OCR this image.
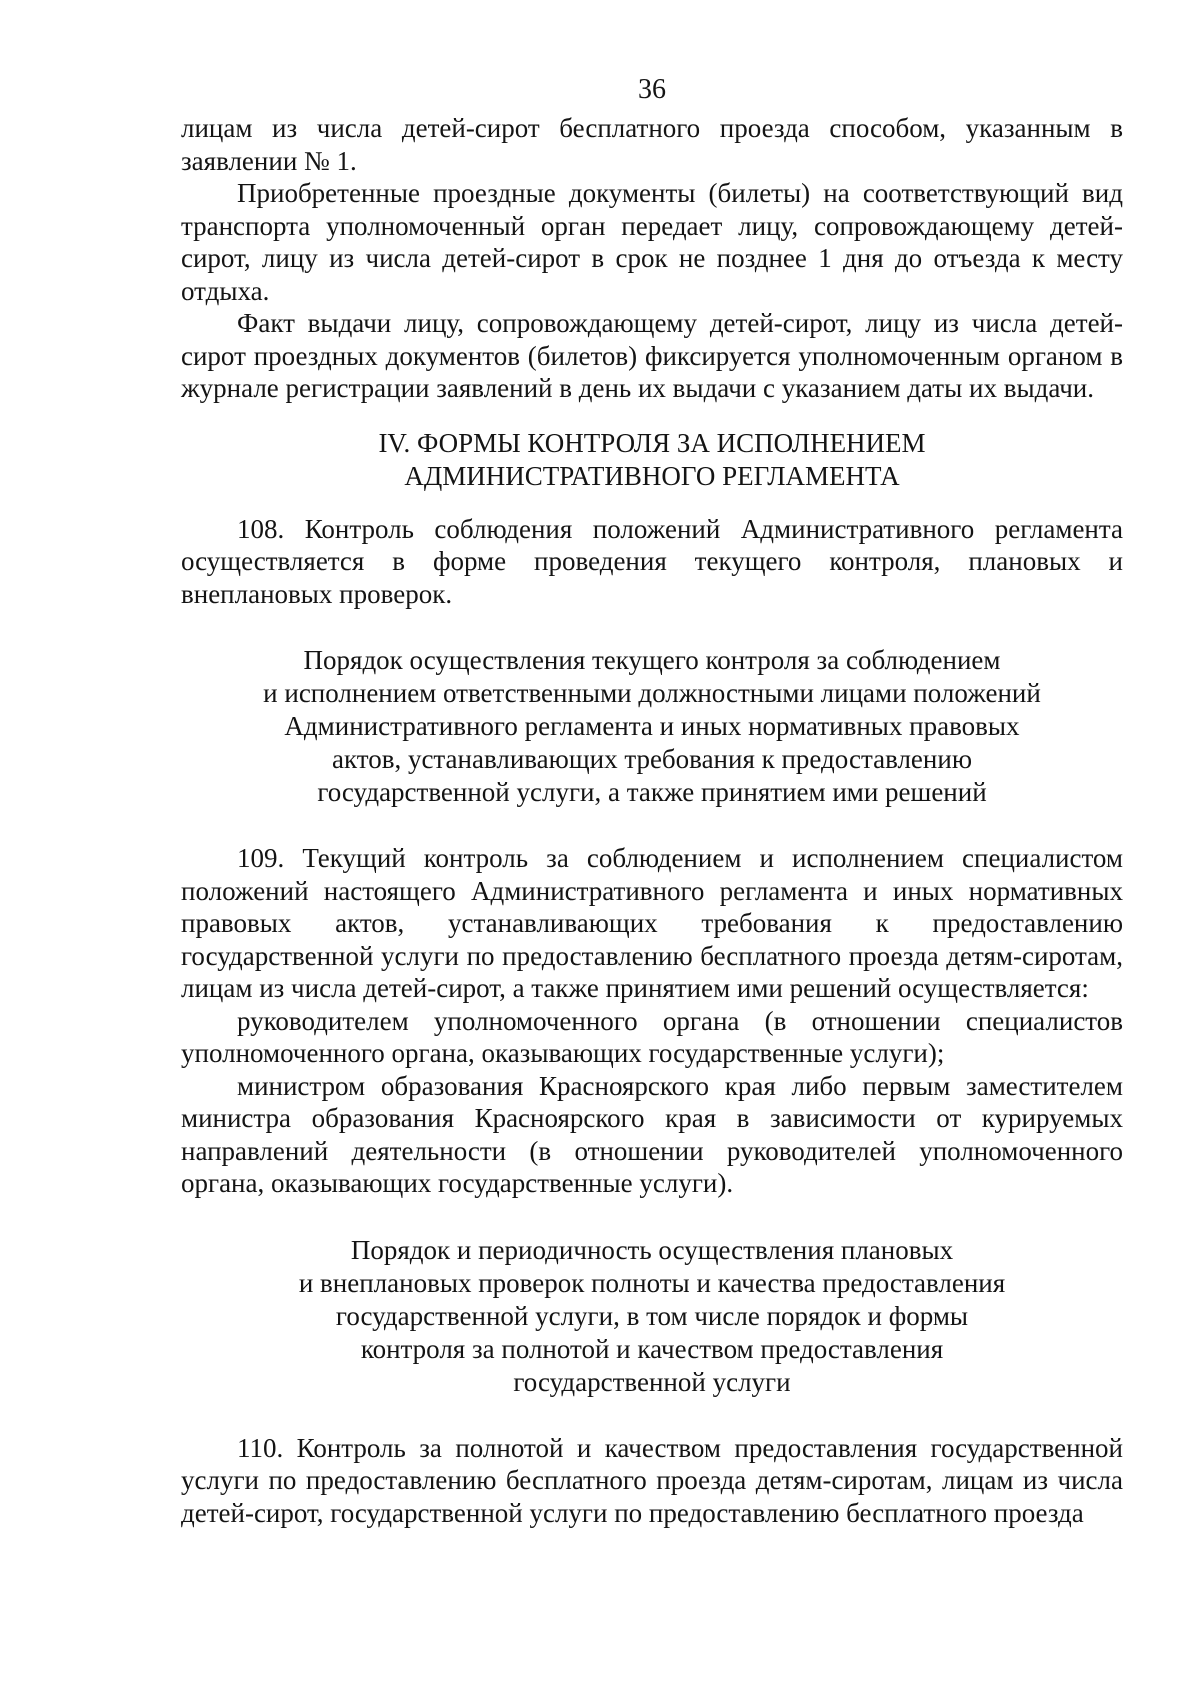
36

лицам из числа детей-сирот бесплатного проезда способом, указанным в заявлении № 1.

Приобретенные проездные документы (билеты) на соответствующий вид транспорта уполномоченный орган передает лицу, сопровождающему детей-сирот, лицу из числа детей-сирот в срок не позднее 1 дня до отъезда к месту отдыха.

Факт выдачи лицу, сопровождающему детей-сирот, лицу из числа детей-сирот проездных документов (билетов) фиксируется уполномоченным органом в журнале регистрации заявлений в день их выдачи с указанием даты их выдачи.

IV. ФОРМЫ КОНТРОЛЯ ЗА ИСПОЛНЕНИЕМ
АДМИНИСТРАТИВНОГО РЕГЛАМЕНТА

108. Контроль соблюдения положений Административного регламента осуществляется в форме проведения текущего контроля, плановых и внеплановых проверок.

Порядок осуществления текущего контроля за соблюдением
и исполнением ответственными должностными лицами положений
Административного регламента и иных нормативных правовых
актов, устанавливающих требования к предоставлению
государственной услуги, а также принятием ими решений

109. Текущий контроль за соблюдением и исполнением специалистом положений настоящего Административного регламента и иных нормативных правовых актов, устанавливающих требования к предоставлению государственной услуги по предоставлению бесплатного проезда детям-сиротам, лицам из числа детей-сирот, а также принятием ими решений осуществляется:

руководителем уполномоченного органа (в отношении специалистов уполномоченного органа, оказывающих государственные услуги);

министром образования Красноярского края либо первым заместителем министра образования Красноярского края в зависимости от курируемых направлений деятельности (в отношении руководителей уполномоченного органа, оказывающих государственные услуги).

Порядок и периодичность осуществления плановых
и внеплановых проверок полноты и качества предоставления
государственной услуги, в том числе порядок и формы
контроля за полнотой и качеством предоставления
государственной услуги

110. Контроль за полнотой и качеством предоставления государственной услуги по предоставлению бесплатного проезда детям-сиротам, лицам из числа детей-сирот, государственной услуги по предоставлению бесплатного проезда
